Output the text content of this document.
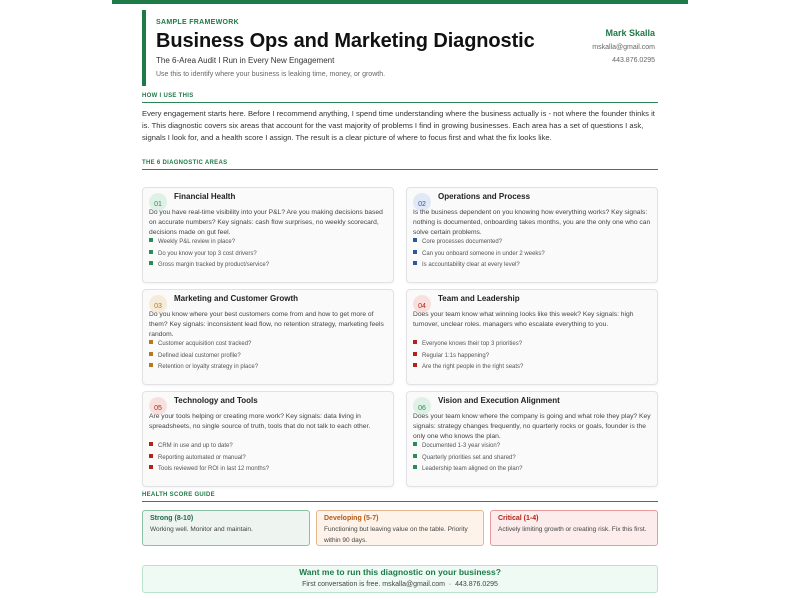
SAMPLE FRAMEWORK
Business Ops and Marketing Diagnostic
The 6-Area Audit I Run in Every New Engagement
Use this to identify where your business is leaking time, money, or growth.
Mark Skalla
mskalla@gmail.com
443.876.0295
HOW I USE THIS
Every engagement starts here. Before I recommend anything, I spend time understanding where the business actually is - not where the founder thinks it is. This diagnostic covers six areas that account for the vast majority of problems I find in growing businesses. Each area has a set of questions I ask, signals I look for, and a health score I assign. The result is a clear picture of where to focus first and what the fix looks like.
THE 6 DIAGNOSTIC AREAS
01
Financial Health
Do you have real-time visibility into your P&L? Are you making decisions based on accurate numbers? Key signals: cash flow surprises, no weekly scorecard, decisions made on gut feel.
Weekly P&L review in place?
Do you know your top 3 cost drivers?
Gross margin tracked by product/service?
02
Operations and Process
Is the business dependent on you knowing how everything works? Key signals: nothing is documented, onboarding takes months, you are the only one who can solve certain problems.
Core processes documented?
Can you onboard someone in under 2 weeks?
Is accountability clear at every level?
03
Marketing and Customer Growth
Do you know where your best customers come from and how to get more of them? Key signals: inconsistent lead flow, no retention strategy, marketing feels random.
Customer acquisition cost tracked?
Defined ideal customer profile?
Retention or loyalty strategy in place?
04
Team and Leadership
Does your team know what winning looks like this week? Key signals: high turnover, unclear roles. managers who escalate everything to you.
Everyone knows their top 3 priorities?
Regular 1:1s happening?
Are the right people in the right seats?
05
Technology and Tools
Are your tools helping or creating more work? Key signals: data living in spreadsheets, no single source of truth, tools that do not talk to each other.
CRM in use and up to date?
Reporting automated or manual?
Tools reviewed for ROI in last 12 months?
06
Vision and Execution Alignment
Does your team know where the company is going and what role they play? Key signals: strategy changes frequently, no quarterly rocks or goals, founder is the only one who knows the plan.
Documented 1-3 year vision?
Quarterly priorities set and shared?
Leadership team aligned on the plan?
HEALTH SCORE GUIDE
Strong (8-10)
Working well. Monitor and maintain.
Developing (5-7)
Functioning but leaving value on the table. Priority within 90 days.
Critical (1-4)
Actively limiting growth or creating risk. Fix this first.
Want me to run this diagnostic on your business?
First conversation is free. mskalla@gmail.com  ·  443.876.0295
